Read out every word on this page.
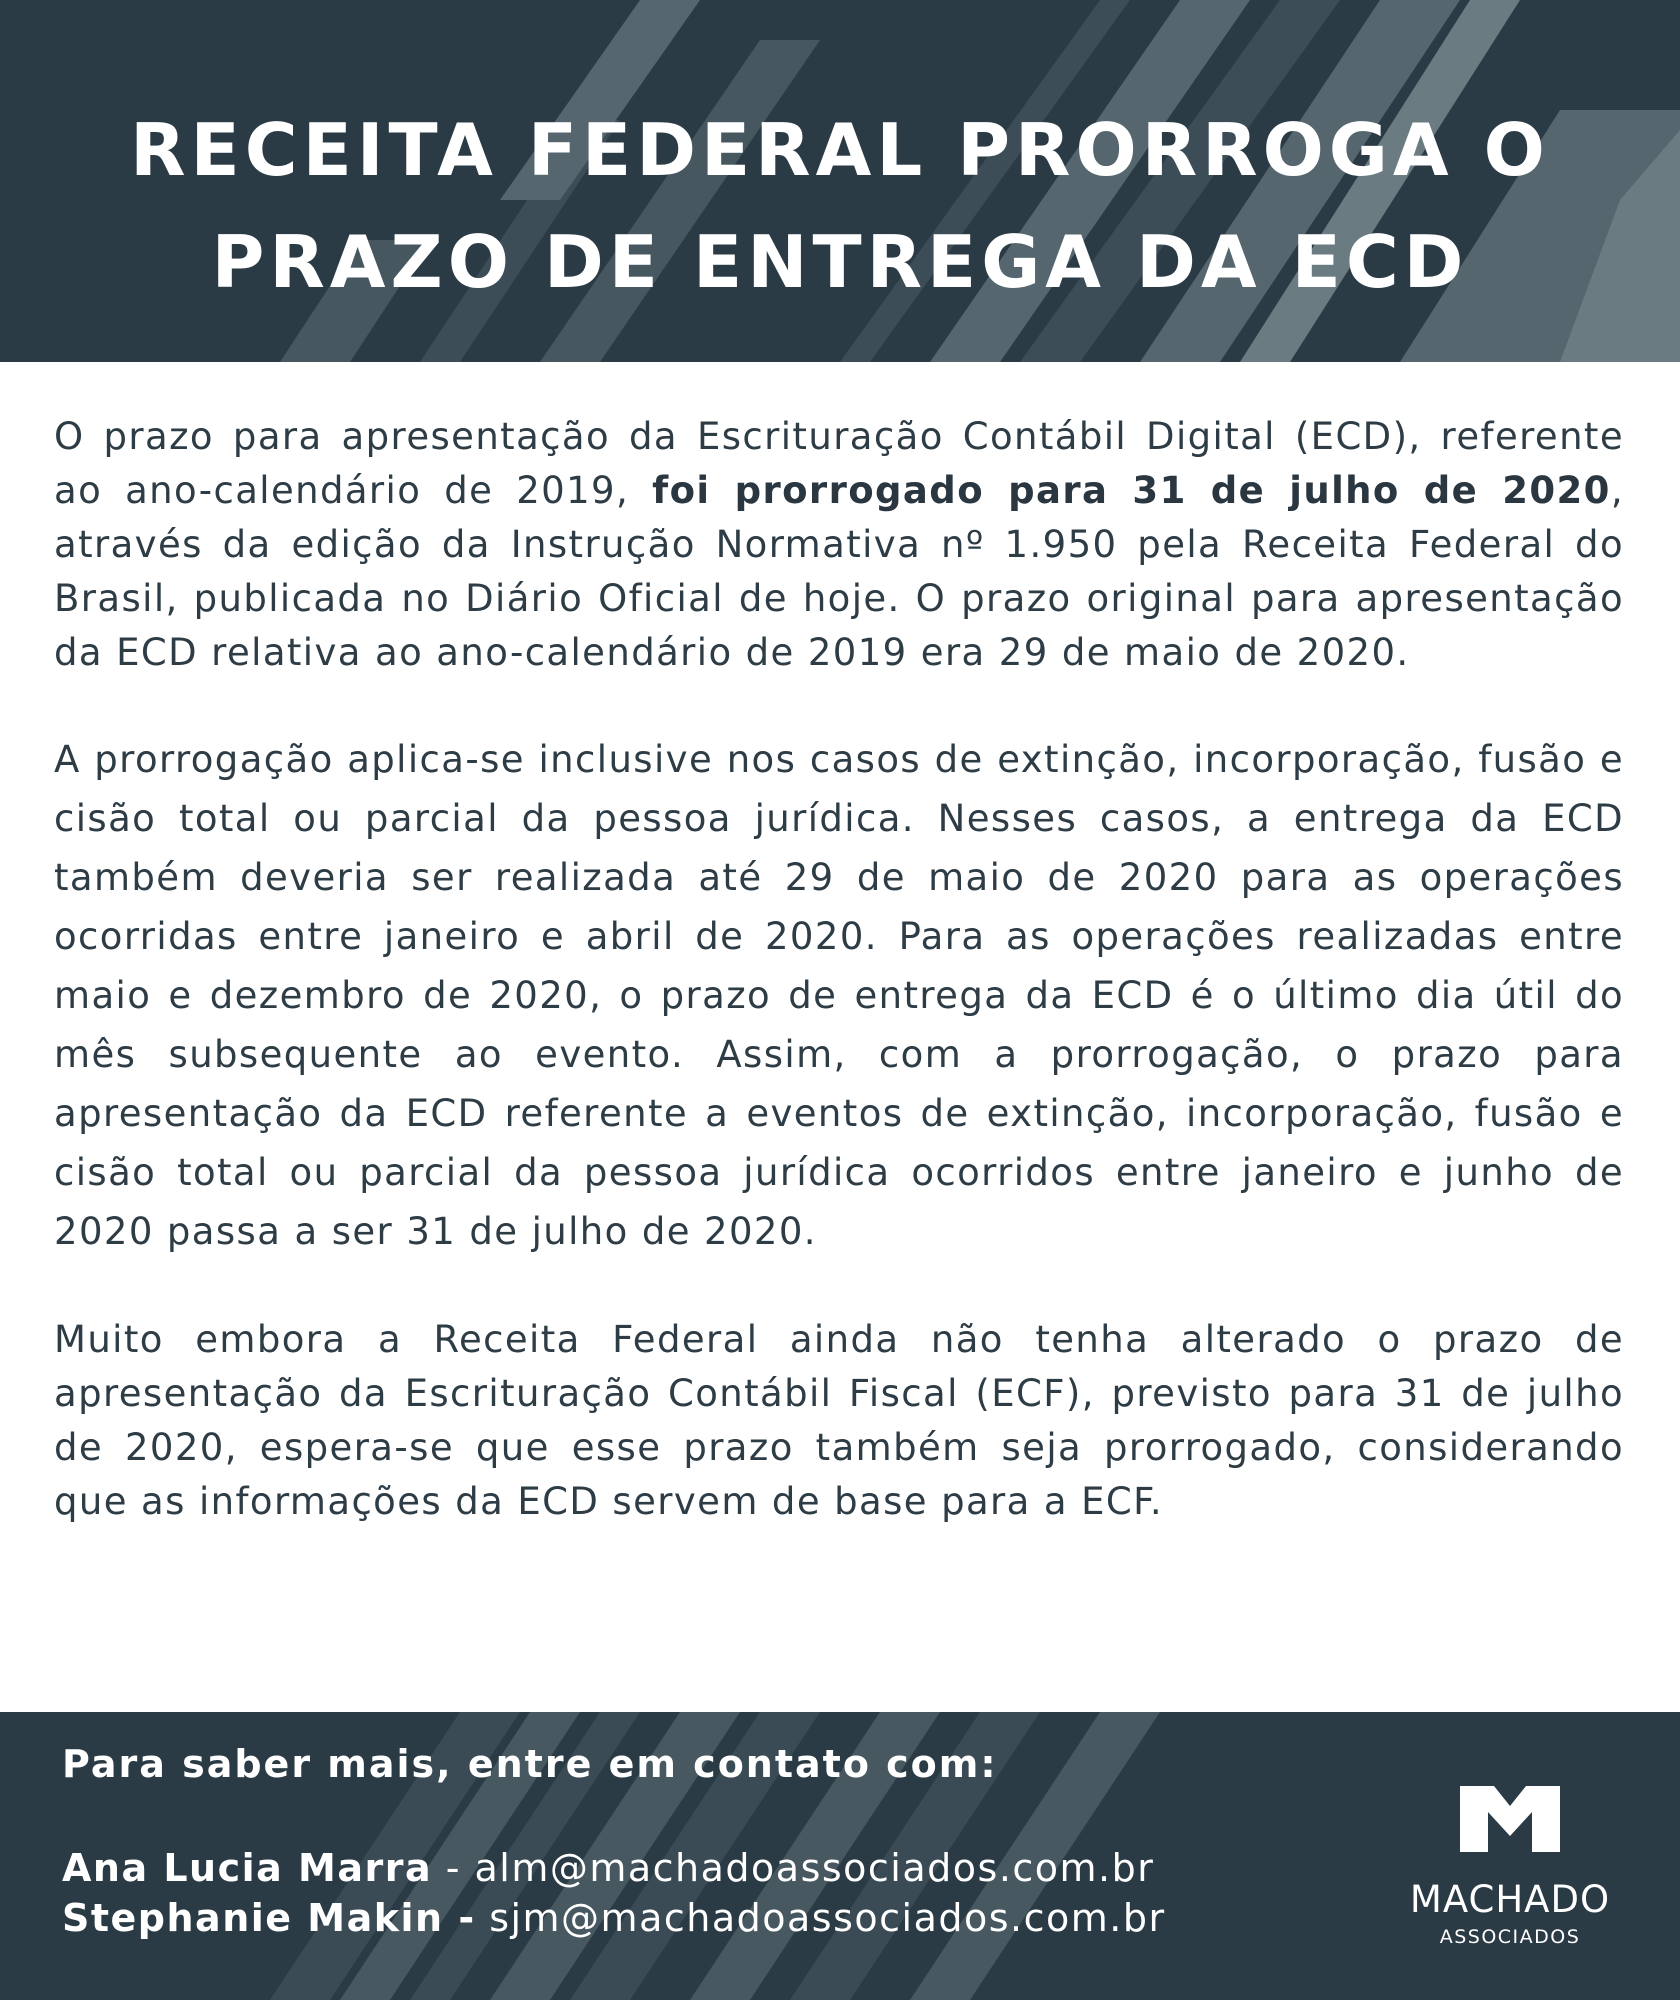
RECEITA FEDERAL PRORROGA O
PRAZO DE ENTREGA DA ECD

O prazo para apresentação da Escrituração Contábil Digital (ECD), referente ao ano-calendário de 2019, foi prorrogado para 31 de julho de 2020, através da edição da Instrução Normativa nº 1.950 pela Receita Federal do Brasil, publicada no Diário Oficial de hoje. O prazo original para apresentação da ECD relativa ao ano-calendário de 2019 era 29 de maio de 2020.

A prorrogação aplica-se inclusive nos casos de extinção, incorporação, fusão e cisão total ou parcial da pessoa jurídica. Nesses casos, a entrega da ECD também deveria ser realizada até 29 de maio de 2020 para as operações ocorridas entre janeiro e abril de 2020. Para as operações realizadas entre maio e dezembro de 2020, o prazo de entrega da ECD é o último dia útil do mês subsequente ao evento. Assim, com a prorrogação, o prazo para apresentação da ECD referente a eventos de extinção, incorporação, fusão e cisão total ou parcial da pessoa jurídica ocorridos entre janeiro e junho de 2020 passa a ser 31 de julho de 2020.

Muito embora a Receita Federal ainda não tenha alterado o prazo de apresentação da Escrituração Contábil Fiscal (ECF), previsto para 31 de julho de 2020, espera-se que esse prazo também seja prorrogado, considerando que as informações da ECD servem de base para a ECF.

Para saber mais, entre em contato com:
Ana Lucia Marra - alm@machadoassociados.com.br
Stephanie Makin - sjm@machadoassociados.com.br	MACHADO
ASSOCIADOS
